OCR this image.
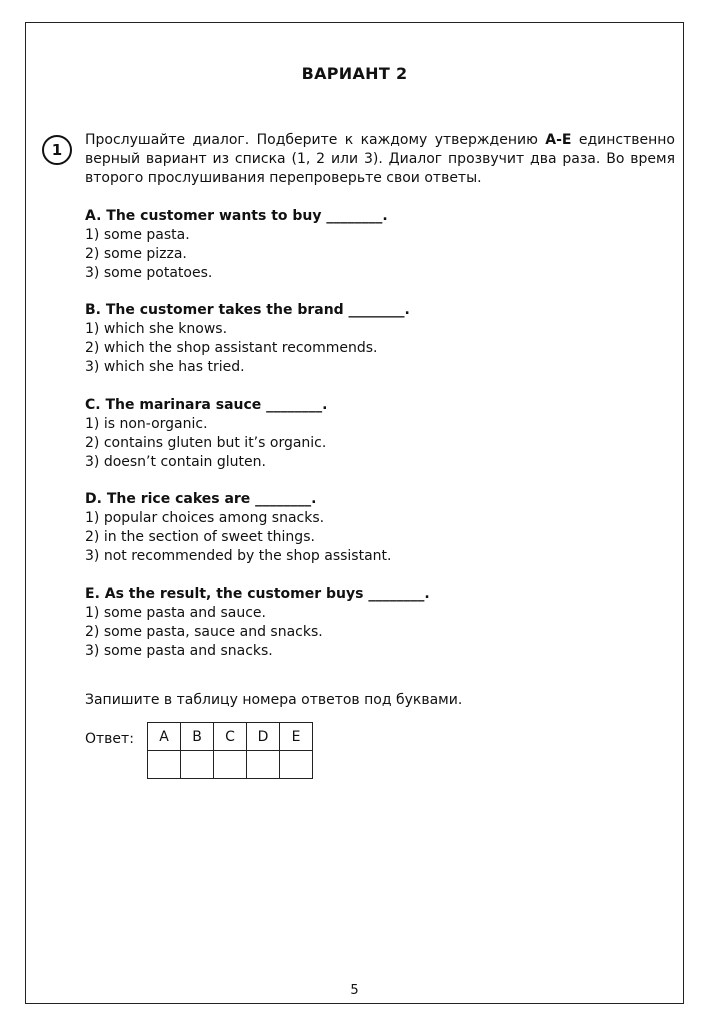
ВАРИАНТ 2
1
Прослушайте диалог. Подберите к каждому утверждению A-E единственно верный вариант из списка (1, 2 или 3). Диалог прозвучит два раза. Во время второго прослушивания перепроверьте свои ответы.
A. The customer wants to buy ________.
1) some pasta.
2) some pizza.
3) some potatoes.
B. The customer takes the brand ________.
1) which she knows.
2) which the shop assistant recommends.
3) which she has tried.
C. The marinara sauce ________.
1) is non-organic.
2) contains gluten but it’s organic.
3) doesn’t contain gluten.
D. The rice cakes are ________.
1) popular choices among snacks.
2) in the section of sweet things.
3) not recommended by the shop assistant.
E. As the result, the customer buys ________.
1) some pasta and sauce.
2) some pasta, sauce and snacks.
3) some pasta and snacks.
Запишите в таблицу номера ответов под буквами.
Ответ: A	B	C	D	E

5
